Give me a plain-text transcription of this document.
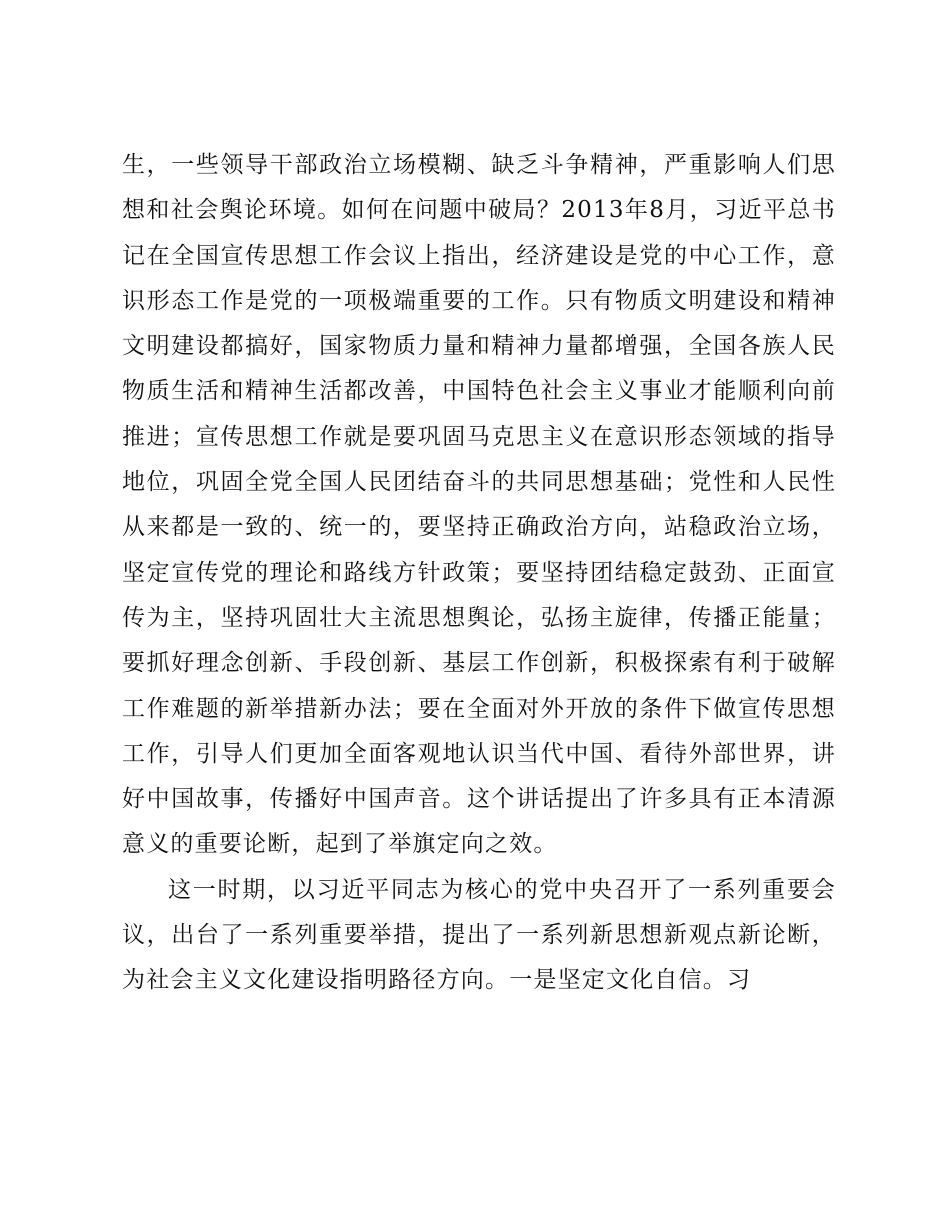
生，一些领导干部政治立场模糊、缺乏斗争精神，严重影响人们思想和社会舆论环境。如何在问题中破局？2013年8月，习近平总书记在全国宣传思想工作会议上指出，经济建设是党的中心工作，意识形态工作是党的一项极端重要的工作。只有物质文明建设和精神文明建设都搞好，国家物质力量和精神力量都增强，全国各族人民物质生活和精神生活都改善，中国特色社会主义事业才能顺利向前推进；宣传思想工作就是要巩固马克思主义在意识形态领域的指导地位，巩固全党全国人民团结奋斗的共同思想基础；党性和人民性从来都是一致的、统一的，要坚持正确政治方向，站稳政治立场，坚定宣传党的理论和路线方针政策；要坚持团结稳定鼓劲、正面宣传为主，坚持巩固壮大主流思想舆论，弘扬主旋律，传播正能量；要抓好理念创新、手段创新、基层工作创新，积极探索有利于破解工作难题的新举措新办法；要在全面对外开放的条件下做宣传思想工作，引导人们更加全面客观地认识当代中国、看待外部世界，讲好中国故事，传播好中国声音。这个讲话提出了许多具有正本清源意义的重要论断，起到了举旗定向之效。

这一时期，以习近平同志为核心的党中央召开了一系列重要会议，出台了一系列重要举措，提出了一系列新思想新观点新论断，为社会主义文化建设指明路径方向。一是坚定文化自信。习
